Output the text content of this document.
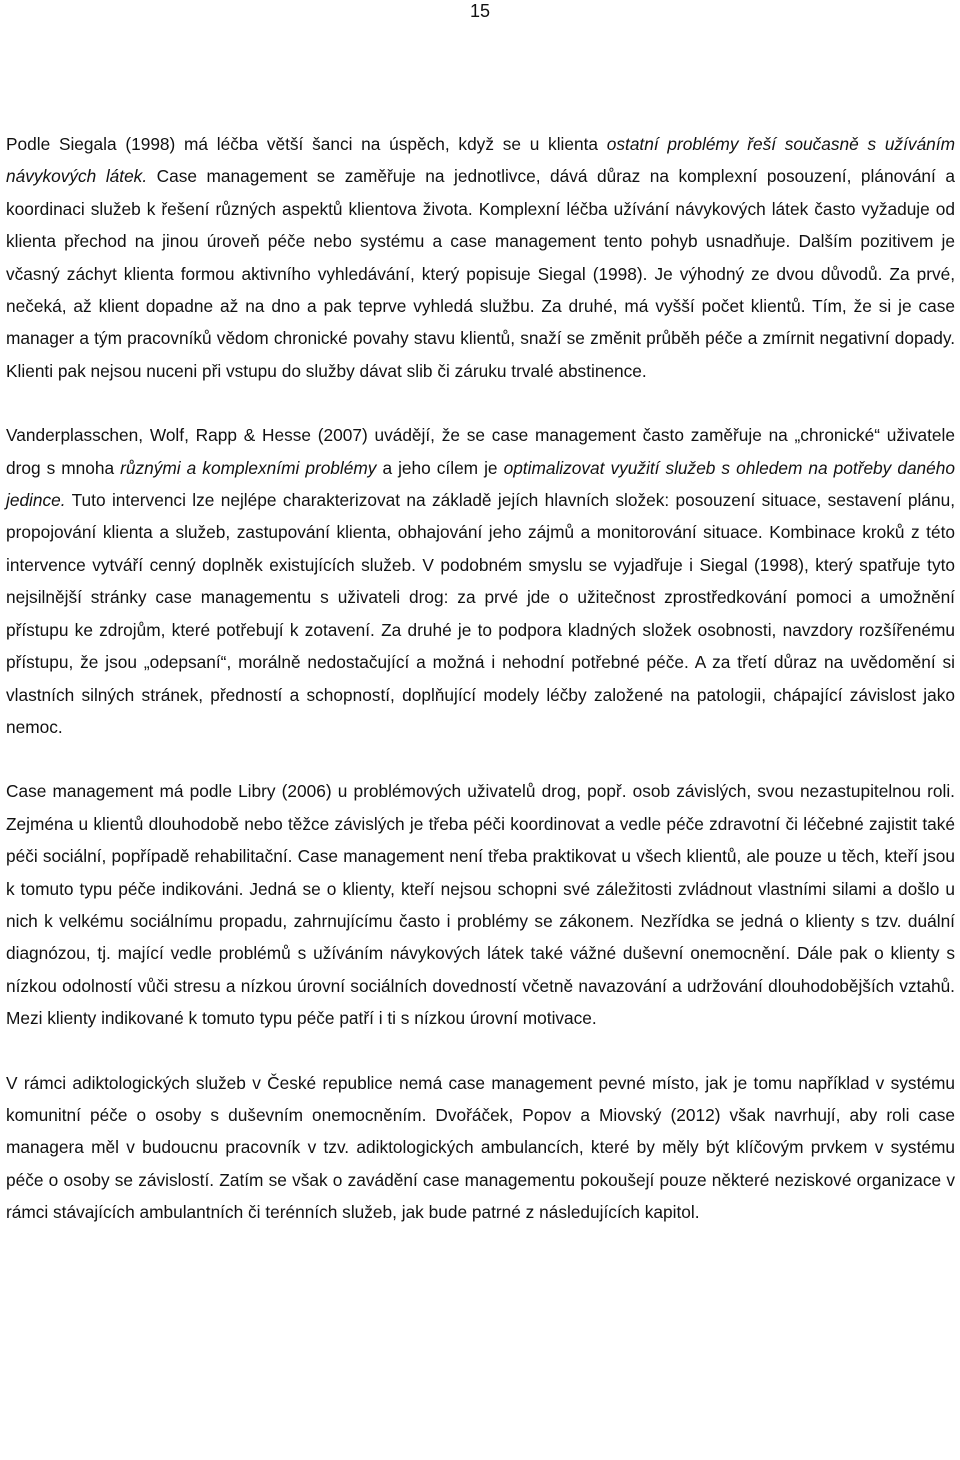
15

Podle Siegala (1998) má léčba větší šanci na úspěch, když se u klienta ostatní problémy řeší současně s užíváním návykových látek. Case management se zaměřuje na jednotlivce, dává důraz na komplexní posouzení, plánování a koordinaci služeb k řešení různých aspektů klientova života. Komplexní léčba užívání návykových látek často vyžaduje od klienta přechod na jinou úroveň péče nebo systému a case management tento pohyb usnadňuje. Dalším pozitivem je včasný záchyt klienta formou aktivního vyhledávání, který popisuje Siegal (1998). Je výhodný ze dvou důvodů. Za prvé, nečeká, až klient dopadne až na dno a pak teprve vyhledá službu. Za druhé, má vyšší počet klientů. Tím, že si je case manager a tým pracovníků vědom chronické povahy stavu klientů, snaží se změnit průběh péče a zmírnit negativní dopady. Klienti pak nejsou nuceni při vstupu do služby dávat slib či záruku trvalé abstinence.

Vanderplasschen, Wolf, Rapp & Hesse (2007) uvádějí, že se case management často zaměřuje na „chronické“ uživatele drog s mnoha různými a komplexními problémy a jeho cílem je optimalizovat využití služeb s ohledem na potřeby daného jedince. Tuto intervenci lze nejlépe charakterizovat na základě jejích hlavních složek: posouzení situace, sestavení plánu, propojování klienta a služeb, zastupování klienta, obhajování jeho zájmů a monitorování situace. Kombinace kroků z této intervence vytváří cenný doplněk existujících služeb. V podobném smyslu se vyjadřuje i Siegal (1998), který spatřuje tyto nejsilnější stránky case managementu s uživateli drog: za prvé jde o užitečnost zprostředkování pomoci a umožnění přístupu ke zdrojům, které potřebují k zotavení. Za druhé je to podpora kladných složek osobnosti, navzdory rozšířenému přístupu, že jsou „odepsaní“, morálně nedostačující a možná i nehodní potřebné péče. A za třetí důraz na uvědomění si vlastních silných stránek, předností a schopností, doplňující modely léčby založené na patologii, chápající závislost jako nemoc.

Case management má podle Libry (2006) u problémových uživatelů drog, popř. osob závislých, svou nezastupitelnou roli. Zejména u klientů dlouhodobě nebo těžce závislých je třeba péči koordinovat a vedle péče zdravotní či léčebné zajistit také péči sociální, popřípadě rehabilitační. Case management není třeba praktikovat u všech klientů, ale pouze u těch, kteří jsou k tomuto typu péče indikováni. Jedná se o klienty, kteří nejsou schopni své záležitosti zvládnout vlastními silami a došlo u nich k velkému sociálnímu propadu, zahrnujícímu často i problémy se zákonem. Nezřídka se jedná o klienty s tzv. duální diagnózou, tj. mající vedle problémů s užíváním návykových látek také vážné duševní onemocnění. Dále pak o klienty s nízkou odolností vůči stresu a nízkou úrovní sociálních dovedností včetně navazování a udržování dlouhodobějších vztahů. Mezi klienty indikované k tomuto typu péče patří i ti s nízkou úrovní motivace.

V rámci adiktologických služeb v České republice nemá case management pevné místo, jak je tomu například v systému komunitní péče o osoby s duševním onemocněním. Dvořáček, Popov a Miovský (2012) však navrhují, aby roli case managera měl v budoucnu pracovník v tzv. adiktologických ambulancích, které by měly být klíčovým prvkem v systému péče o osoby se závislostí. Zatím se však o zavádění case managementu pokoušejí pouze některé neziskové organizace v rámci stávajících ambulantních či terénních služeb, jak bude patrné z následujících kapitol.
